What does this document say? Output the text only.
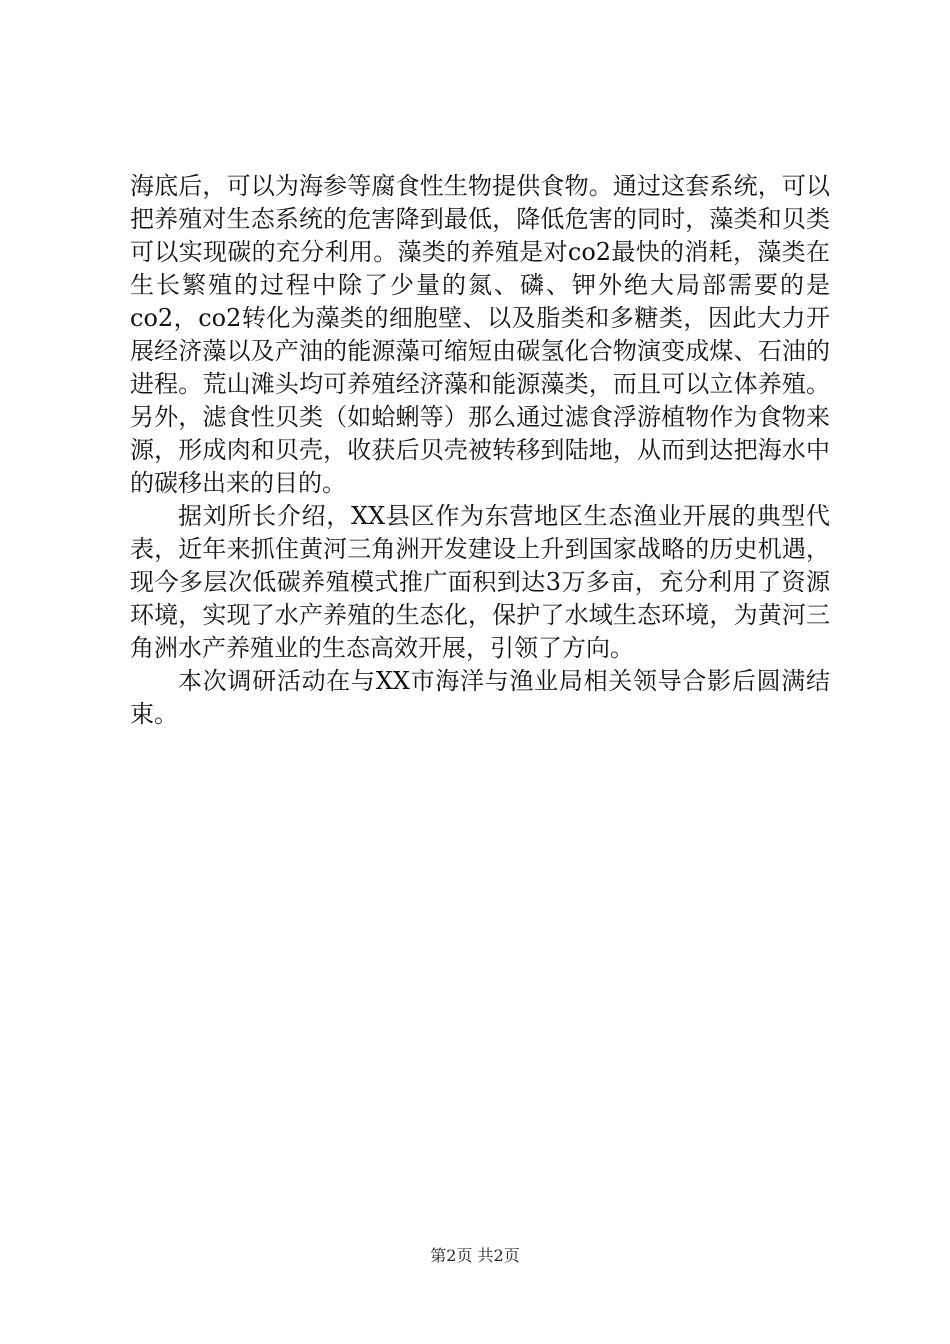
海底后，可以为海参等腐食性生物提供食物。通过这套系统，可以把养殖对生态系统的危害降到最低，降低危害的同时，藻类和贝类可以实现碳的充分利用。藻类的养殖是对co2最快的消耗，藻类在生长繁殖的过程中除了少量的氮、磷、钾外绝大局部需要的是co2，co2转化为藻类的细胞壁、以及脂类和多糖类，因此大力开展经济藻以及产油的能源藻可缩短由碳氢化合物演变成煤、石油的进程。荒山滩头均可养殖经济藻和能源藻类，而且可以立体养殖。另外，滤食性贝类（如蛤蜊等）那么通过滤食浮游植物作为食物来源，形成肉和贝壳，收获后贝壳被转移到陆地，从而到达把海水中的碳移出来的目的。

据刘所长介绍，XX县区作为东营地区生态渔业开展的典型代表，近年来抓住黄河三角洲开发建设上升到国家战略的历史机遇，现今多层次低碳养殖模式推广面积到达3万多亩，充分利用了资源环境，实现了水产养殖的生态化，保护了水域生态环境，为黄河三角洲水产养殖业的生态高效开展，引领了方向。

本次调研活动在与XX市海洋与渔业局相关领导合影后圆满结束。

第2页 共2页
